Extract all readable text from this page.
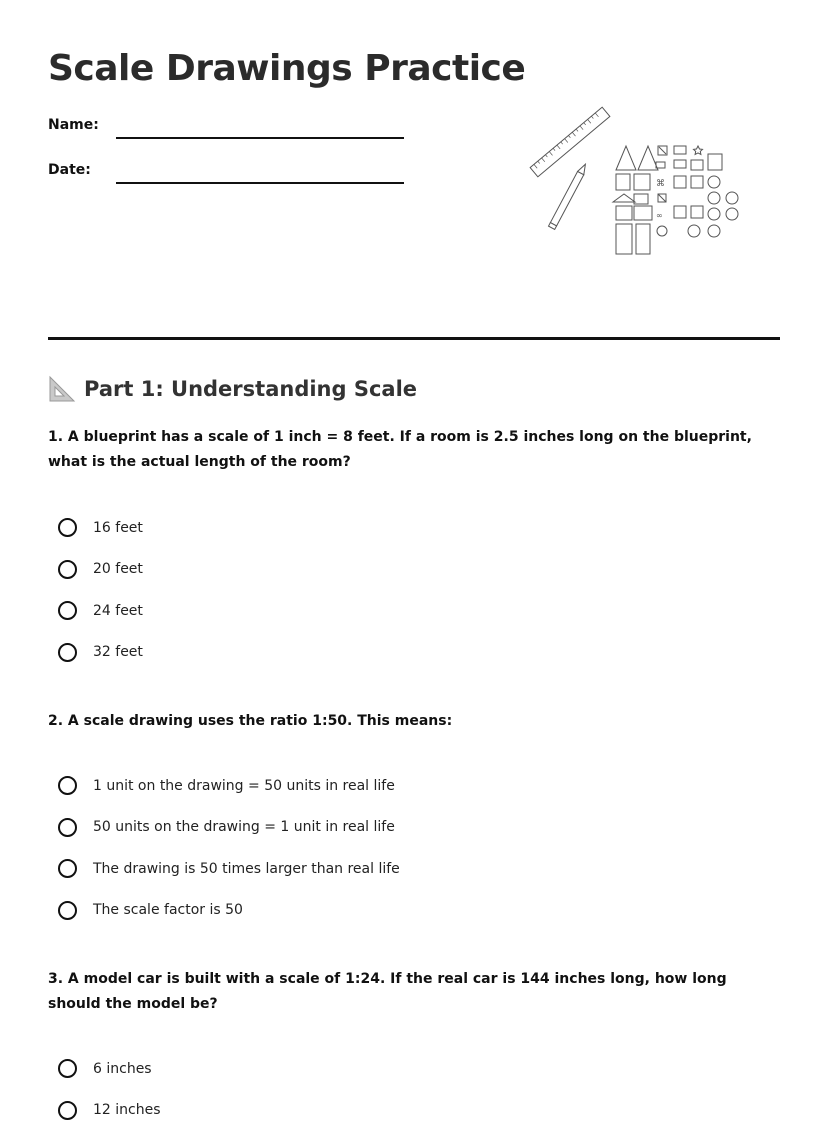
Scale Drawings Practice
Name:
Date:
⌘
∞
Part 1: Understanding Scale
1. A blueprint has a scale of 1 inch = 8 feet. If a room is 2.5 inches long on the blueprint, what is the actual length of the room?
16 feet
20 feet
24 feet
32 feet
2. A scale drawing uses the ratio 1:50. This means:
1 unit on the drawing = 50 units in real life
50 units on the drawing = 1 unit in real life
The drawing is 50 times larger than real life
The scale factor is 50
3. A model car is built with a scale of 1:24. If the real car is 144 inches long, how long should the model be?
6 inches
12 inches
